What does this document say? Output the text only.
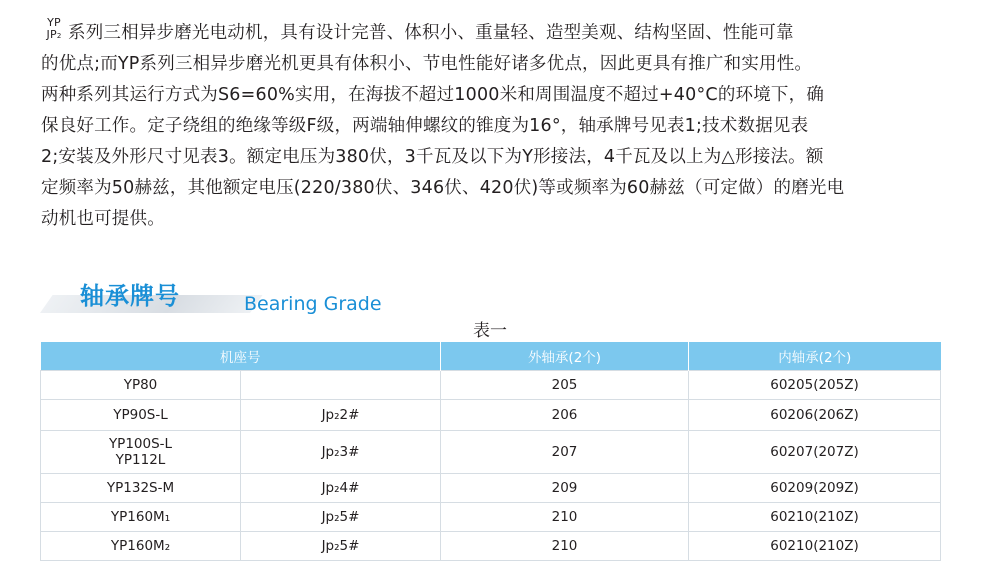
YP
JP2 系列三相异步磨光电动机，具有设计完普、体积小、重量轻、造型美观、结构坚固、性能可靠
的优点;而YP系列三相异步磨光机更具有体积小、节电性能好诸多优点，因此更具有推广和实用性。
两种系列其运行方式为S6=60%实用，在海拔不超过1000米和周围温度不超过+40°C的环境下，确
保良好工作。定子绕组的绝缘等级F级，两端轴伸螺纹的锥度为16°，轴承牌号见表1;技术数据见表
2;安装及外形尺寸见表3。额定电压为380伏，3千瓦及以下为Y形接法，4千瓦及以上为△形接法。额
定频率为50赫兹，其他额定电压(220/380伏、346伏、420伏)等或频率为60赫兹（可定做）的磨光电
动机也可提供。
轴承牌号	Bearing Grade
表一
机座号		外轴承(2个)	内轴承(2个)
YP80		205	60205(205Z)
YP90S-L	Jp₂2#	206	60206(206Z)

YP100S-L
YP112L	Jp₂3#	207	60207(207Z)
YP132S-M	Jp₂4#	209	60209(209Z)
YP160M₁	Jp₂5#	210	60210(210Z)
YP160M₂	Jp₂5#	210	60210(210Z)
